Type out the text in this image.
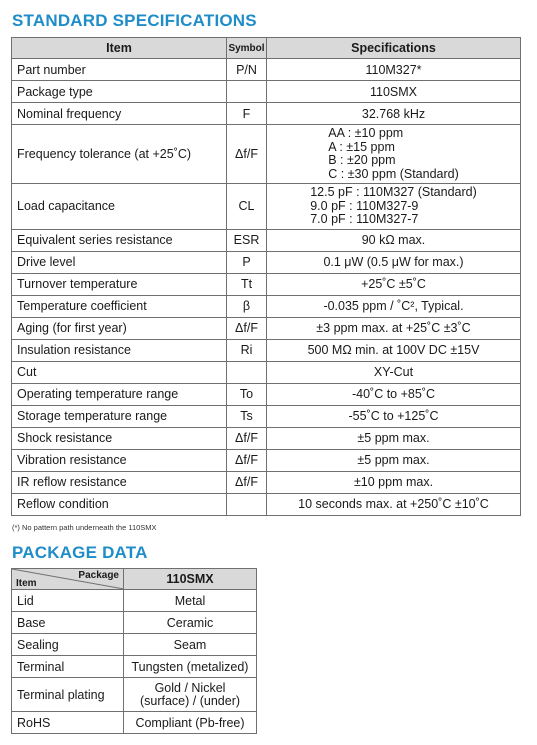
STANDARD SPECIFICATIONS
Item	Symbol	Specifications
Part number	P/N	110M327*
Package type		110SMX
Nominal frequency	F	32.768 kHz
Frequency tolerance (at +25˚C)	Δf/F	AA : ±10 ppm
A : ±15 ppm
B : ±20 ppm
C : ±30 ppm (Standard)

Load capacitance	CL	12.5 pF : 110M327 (Standard)
9.0 pF : 110M327-9
7.0 pF : 110M327-7

Equivalent series resistance	ESR	90 kΩ max.
Drive level	P	0.1 μW (0.5 μW for max.)
Turnover temperature	Tt	+25˚C ±5˚C
Temperature coefficient	β	-0.035 ppm / ˚C², Typical.
Aging (for first year)	Δf/F	±3 ppm max. at +25˚C ±3˚C
Insulation resistance	Ri	500 MΩ min. at 100V DC ±15V
Cut		XY-Cut
Operating temperature range	To	-40˚C to +85˚C
Storage temperature range	Ts	-55˚C to +125˚C
Shock resistance	Δf/F	±5 ppm max.
Vibration resistance	Δf/F	±5 ppm max.
IR reflow resistance	Δf/F	±10 ppm max.
Reflow condition		10 seconds max. at +250˚C ±10˚C

(*) No pattern path underneath the 110SMX

PACKAGE DATA
Package
Item	110SMX
Lid	Metal
Base	Ceramic
Sealing	Seam
Terminal	Tungsten (metalized)
Terminal plating	Gold / Nickel
(surface) / (under)

RoHS	Compliant (Pb-free)
